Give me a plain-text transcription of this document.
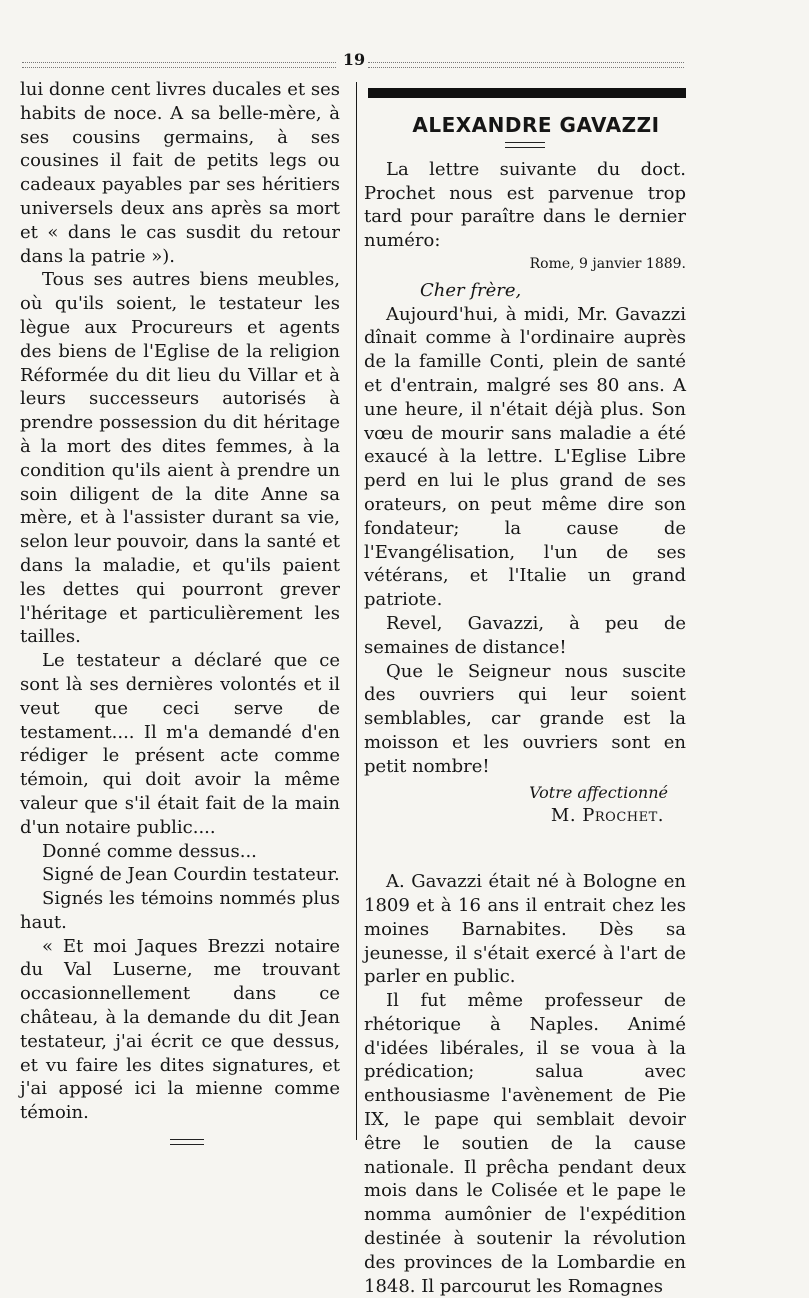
19

lui donne cent livres ducales et ses habits de noce. A sa belle-mère, à ses cousins germains, à ses cousines il fait de petits legs ou cadeaux payables par ses héritiers universels deux ans après sa mort et « dans le cas susdit du retour dans la patrie »).

Tous ses autres biens meubles, où qu'ils soient, le testateur les lègue aux Procureurs et agents des biens de l'Eglise de la religion Réformée du dit lieu du Villar et à leurs successeurs autorisés à prendre possession du dit héritage à la mort des dites femmes, à la condition qu'ils aient à prendre un soin diligent de la dite Anne sa mère, et à l'assister durant sa vie, selon leur pouvoir, dans la santé et dans la maladie, et qu'ils paient les dettes qui pourront grever l'héritage et particulièrement les tailles.

Le testateur a déclaré que ce sont là ses dernières volontés et il veut que ceci serve de testament.... Il m'a demandé d'en rédiger le présent acte comme témoin, qui doit avoir la même valeur que s'il était fait de la main d'un notaire public....

Donné comme dessus...

Signé de Jean Courdin testateur.

Signés les témoins nommés plus haut.

« Et moi Jaques Brezzi notaire du Val Luserne, me trouvant occasionnellement dans ce château, à la demande du dit Jean testateur, j'ai écrit ce que dessus, et vu faire les dites signatures, et j'ai apposé ici la mienne comme témoin.

ALEXANDRE GAVAZZI

La lettre suivante du doct. Prochet nous est parvenue trop tard pour paraître dans le dernier numéro:

Rome, 9 janvier 1889.

Cher frère,

Aujourd'hui, à midi, Mr. Gavazzi dînait comme à l'ordinaire auprès de la famille Conti, plein de santé et d'entrain, malgré ses 80 ans. A une heure, il n'était déjà plus. Son vœu de mourir sans maladie a été exaucé à la lettre. L'Eglise Libre perd en lui le plus grand de ses orateurs, on peut même dire son fondateur; la cause de l'Evangélisation, l'un de ses vétérans, et l'Italie un grand patriote.

Revel, Gavazzi, à peu de semaines de distance!

Que le Seigneur nous suscite des ouvriers qui leur soient semblables, car grande est la moisson et les ouvriers sont en petit nombre!

Votre affectionné

M. Prochet.

A. Gavazzi était né à Bologne en 1809 et à 16 ans il entrait chez les moines Barnabites. Dès sa jeunesse, il s'était exercé à l'art de parler en public.

Il fut même professeur de rhétorique à Naples. Animé d'idées libérales, il se voua à la prédication; salua avec enthousiasme l'avènement de Pie IX, le pape qui semblait devoir être le soutien de la cause nationale. Il prêcha pendant deux mois dans le Colisée et le pape le nomma aumônier de l'expédition destinée à soutenir la révolution des provinces de la Lombardie en 1848. Il parcourut les Romagnes
